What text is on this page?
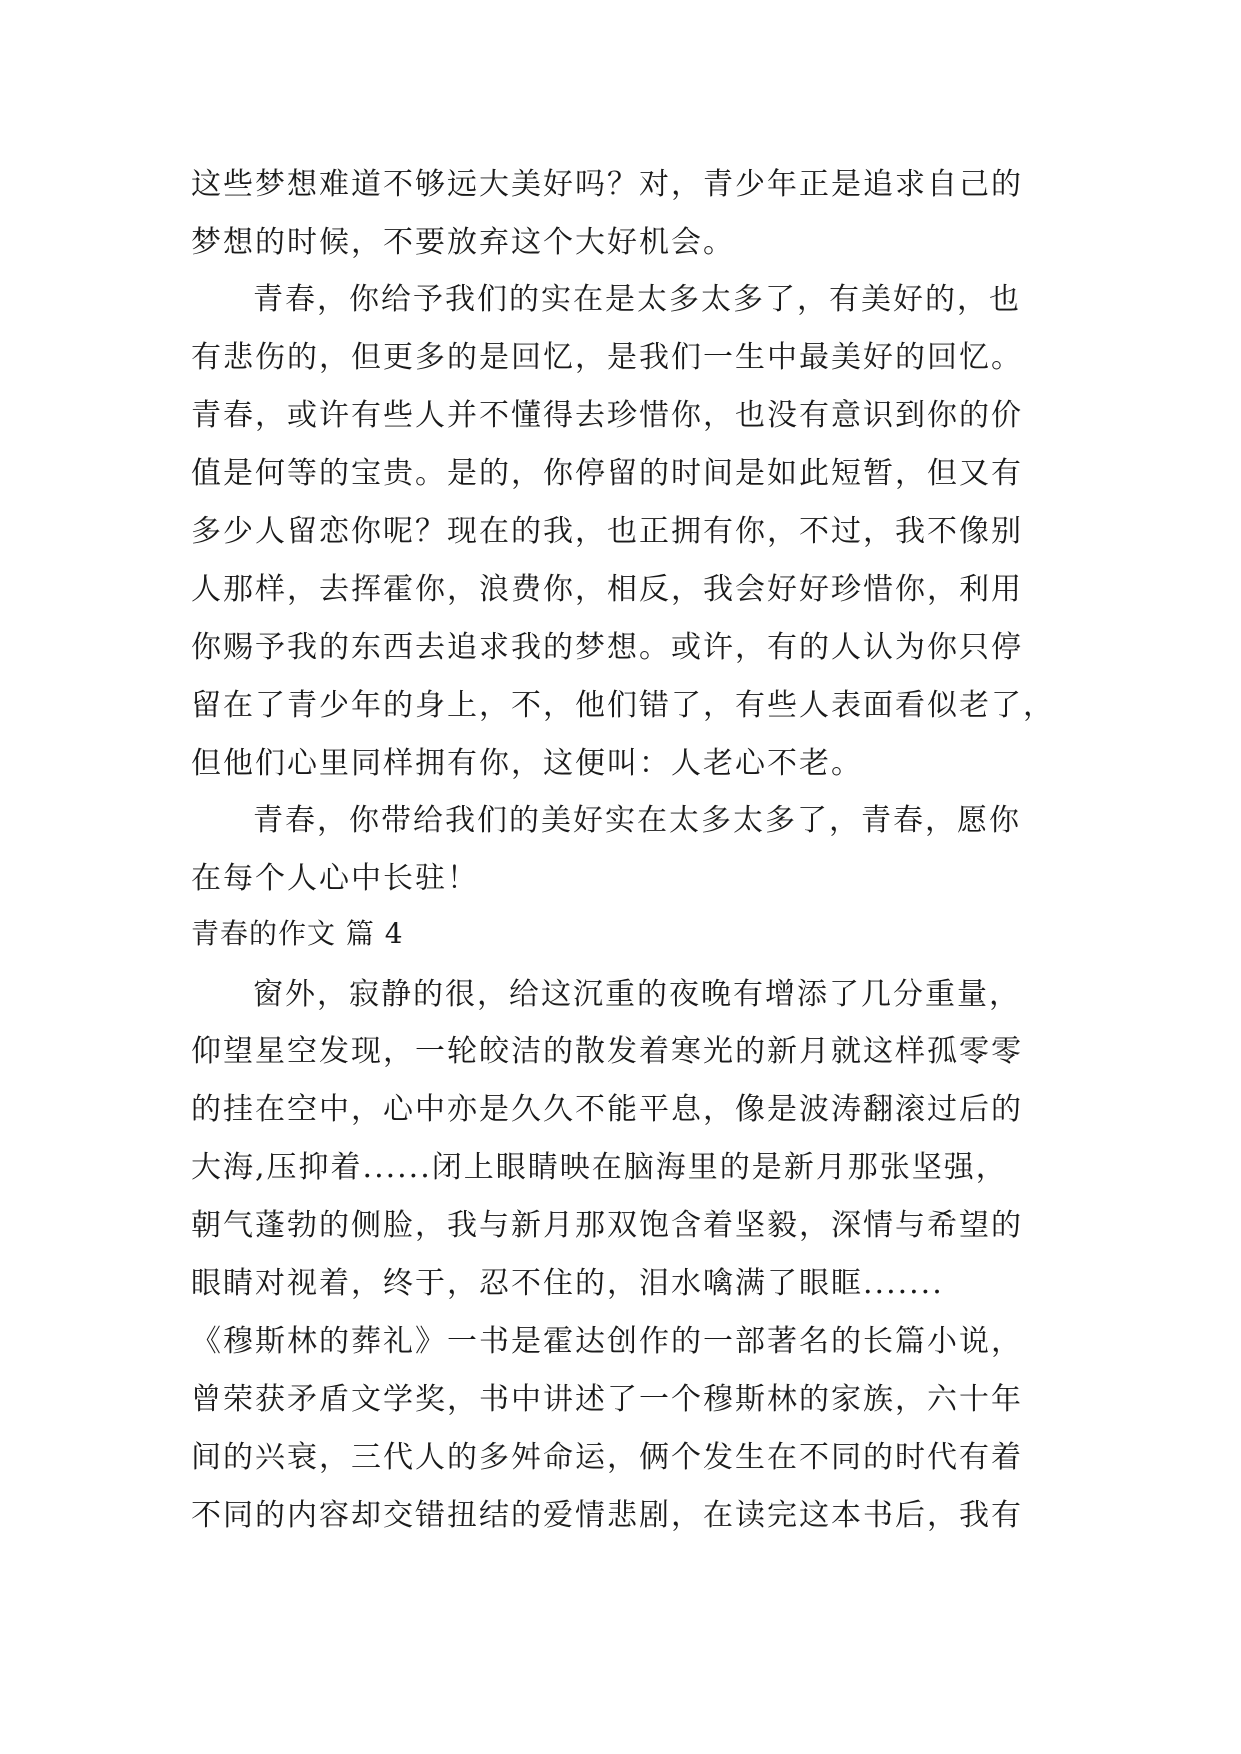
这些梦想难道不够远大美好吗？对，青少年正是追求自己的

梦想的时候，不要放弃这个大好机会。

青春，你给予我们的实在是太多太多了，有美好的，也

有悲伤的，但更多的是回忆，是我们一生中最美好的回忆。

青春，或许有些人并不懂得去珍惜你，也没有意识到你的价

值是何等的宝贵。是的，你停留的时间是如此短暂，但又有

多少人留恋你呢？现在的我，也正拥有你，不过，我不像别

人那样，去挥霍你，浪费你，相反，我会好好珍惜你，利用

你赐予我的东西去追求我的梦想。或许，有的人认为你只停

留在了青少年的身上，不，他们错了，有些人表面看似老了，

但他们心里同样拥有你，这便叫：人老心不老。

青春，你带给我们的美好实在太多太多了，青春，愿你

在每个人心中长驻！

青春的作文 篇 4

窗外，寂静的很，给这沉重的夜晚有增添了几分重量，

仰望星空发现，一轮皎洁的散发着寒光的新月就这样孤零零

的挂在空中，心中亦是久久不能平息，像是波涛翻滚过后的

大海,压抑着......闭上眼睛映在脑海里的是新月那张坚强，

朝气蓬勃的侧脸，我与新月那双饱含着坚毅，深情与希望的

眼睛对视着，终于，忍不住的，泪水噙满了眼眶.......

《穆斯林的葬礼》一书是霍达创作的一部著名的长篇小说，

曾荣获矛盾文学奖，书中讲述了一个穆斯林的家族，六十年

间的兴衰，三代人的多舛命运，俩个发生在不同的时代有着

不同的内容却交错扭结的爱情悲剧，在读完这本书后，我有
